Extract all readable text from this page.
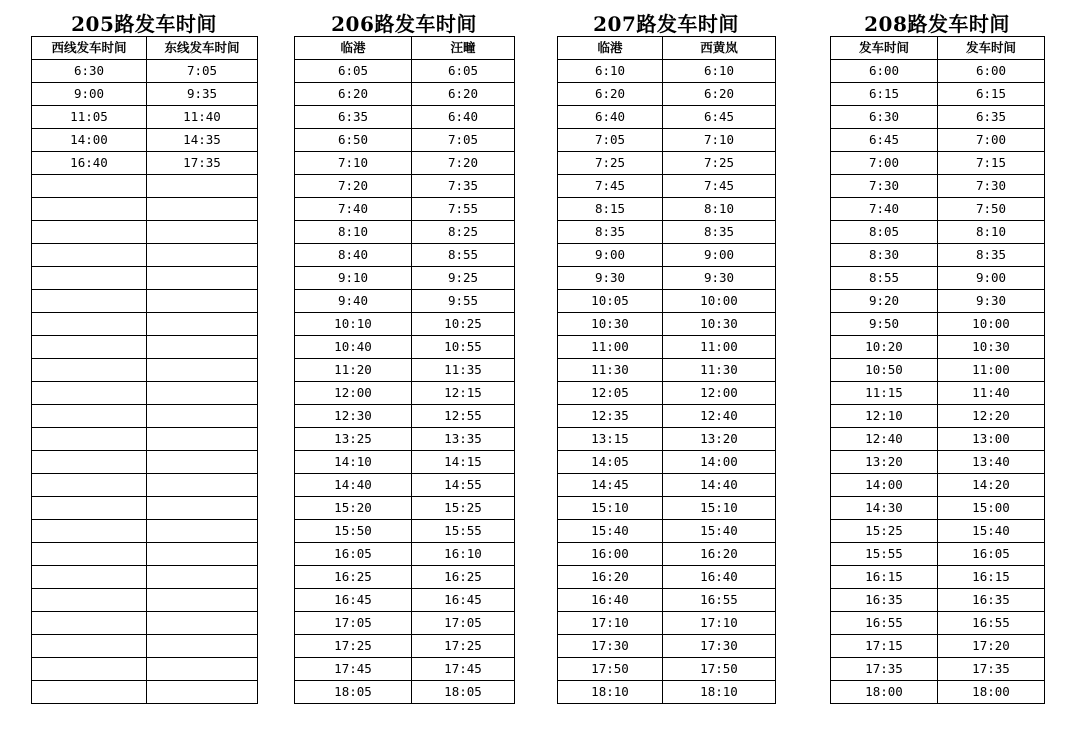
205路发车时间
西线发车时间	东线发车时间
6:30	7:05
9:00	9:35
11:05	11:40
14:00	14:35
16:40	17:35

206路发车时间
临港	汪疃
6:05	6:05
6:20	6:20
6:35	6:40
6:50	7:05
7:10	7:20
7:20	7:35
7:40	7:55
8:10	8:25
8:40	8:55
9:10	9:25
9:40	9:55
10:10	10:25
10:40	10:55
11:20	11:35
12:00	12:15
12:30	12:55
13:25	13:35
14:10	14:15
14:40	14:55
15:20	15:25
15:50	15:55
16:05	16:10
16:25	16:25
16:45	16:45
17:05	17:05
17:25	17:25
17:45	17:45
18:05	18:05
207路发车时间
临港	西黄岚
6:10	6:10
6:20	6:20
6:40	6:45
7:05	7:10
7:25	7:25
7:45	7:45
8:15	8:10
8:35	8:35
9:00	9:00
9:30	9:30
10:05	10:00
10:30	10:30
11:00	11:00
11:30	11:30
12:05	12:00
12:35	12:40
13:15	13:20
14:05	14:00
14:45	14:40
15:10	15:10
15:40	15:40
16:00	16:20
16:20	16:40
16:40	16:55
17:10	17:10
17:30	17:30
17:50	17:50
18:10	18:10
208路发车时间
发车时间	发车时间
6:00	6:00
6:15	6:15
6:30	6:35
6:45	7:00
7:00	7:15
7:30	7:30
7:40	7:50
8:05	8:10
8:30	8:35
8:55	9:00
9:20	9:30
9:50	10:00
10:20	10:30
10:50	11:00
11:15	11:40
12:10	12:20
12:40	13:00
13:20	13:40
14:00	14:20
14:30	15:00
15:25	15:40
15:55	16:05
16:15	16:15
16:35	16:35
16:55	16:55
17:15	17:20
17:35	17:35
18:00	18:00
